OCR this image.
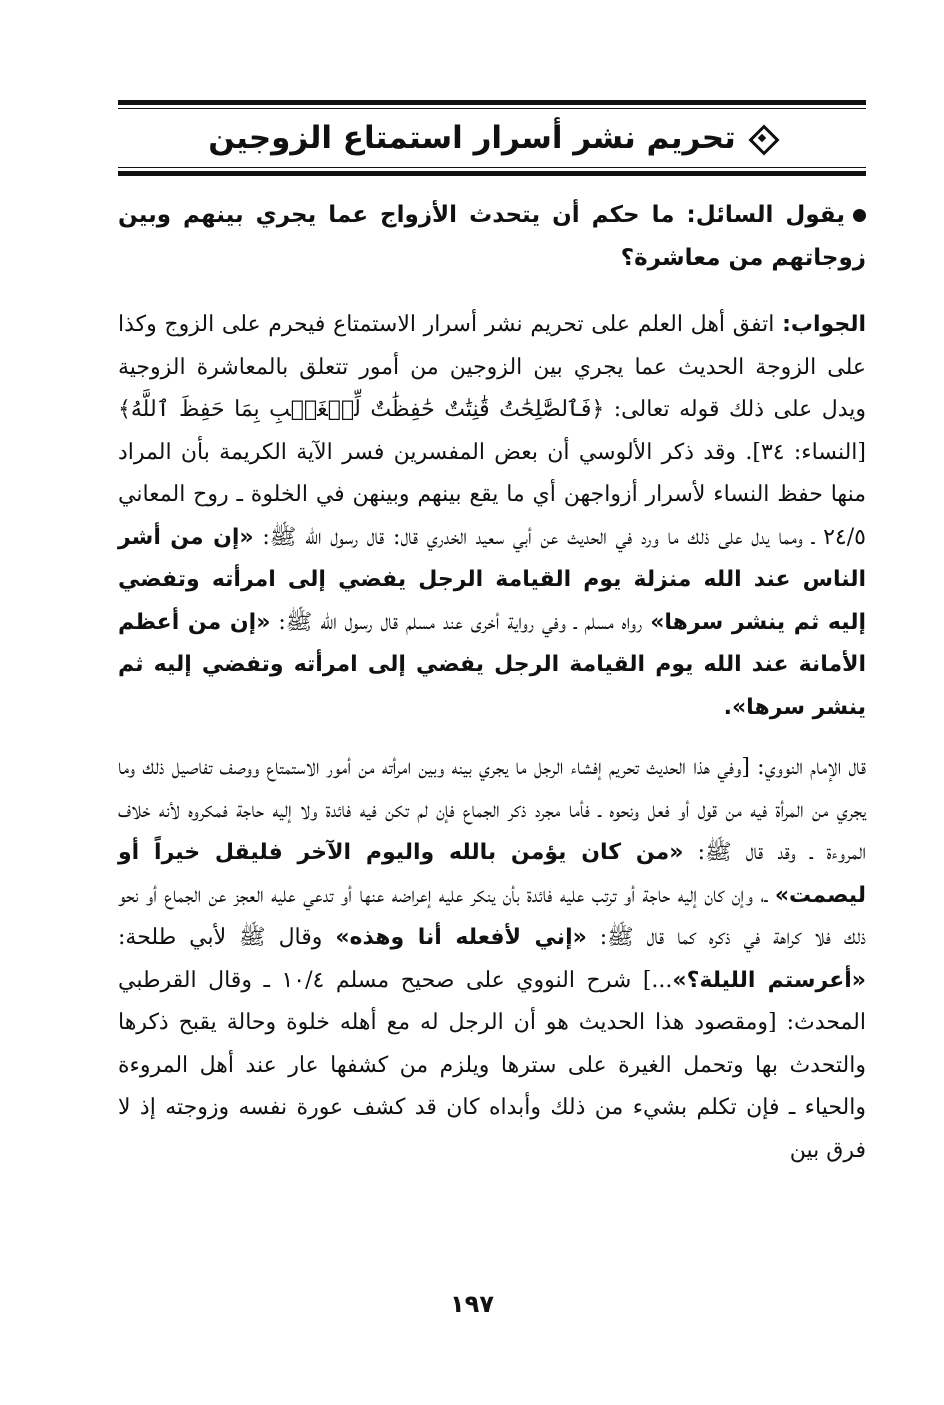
تحريم نشر أسرار استمتاع الزوجين
يقول السائل: ما حكم أن يتحدث الأزواج عما يجري بينهم وبين زوجاتهم من معاشرة؟
الجواب: اتفق أهل العلم على تحريم نشر أسرار الاستمتاع فيحرم على الزوج وكذا على الزوجة الحديث عما يجري بين الزوجين من أمور تتعلق بالمعاشرة الزوجية ويدل على ذلك قوله تعالى: ﴿فَٱلصَّٰلِحَٰتُ قَٰنِتَٰتٌ حَٰفِظَٰتٌ لِّلۡغَيۡبِ بِمَا حَفِظَ ٱللَّهُ﴾ [النساء: ٣٤]. وقد ذكر الألوسي أن بعض المفسرين فسر الآية الكريمة بأن المراد منها حفظ النساء لأسرار أزواجهن أي ما يقع بينهم وبينهن في الخلوة ـ روح المعاني ٢٤/٥ ـ ومما يدل على ذلك ما ورد في الحديث عن أبي سعيد الخدري قال: قال رسول الله ﷺ: «إن من أشر الناس عند الله منزلة يوم القيامة الرجل يفضي إلى امرأته وتفضي إليه ثم ينشر سرها» رواه مسلم ـ وفي رواية أخرى عند مسلم قال رسول الله ﷺ: «إن من أعظم الأمانة عند الله يوم القيامة الرجل يفضي إلى امرأته وتفضي إليه ثم ينشر سرها».
قال الإمام النووي: [وفي هذا الحديث تحريم إفشاء الرجل ما يجري بينه وبين امرأته من أمور الاستمتاع ووصف تفاصيل ذلك وما يجري من المرأة فيه من قول أو فعل ونحوه ـ فأما مجرد ذكر الجماع فإن لم تكن فيه فائدة ولا إليه حاجة فمكروه لأنه خلاف المروءة ـ وقد قال ﷺ: «من كان يؤمن بالله واليوم الآخر فليقل خيراً أو ليصمت» ـ، وإن كان إليه حاجة أو ترتب عليه فائدة بأن ينكر عليه إعراضه عنها أو تدعي عليه العجز عن الجماع أو نحو ذلك فلا كراهة في ذكره كما قال ﷺ: «إني لأفعله أنا وهذه» وقال ﷺ لأبي طلحة: «أعرستم الليلة؟»...] شرح النووي على صحيح مسلم ١٠/٤ ـ وقال القرطبي المحدث: [ومقصود هذا الحديث هو أن الرجل له مع أهله خلوة وحالة يقبح ذكرها والتحدث بها وتحمل الغيرة على سترها ويلزم من كشفها عار عند أهل المروءة والحياء ـ فإن تكلم بشيء من ذلك وأبداه كان قد كشف عورة نفسه وزوجته إذ لا فرق بين
١٩٧
